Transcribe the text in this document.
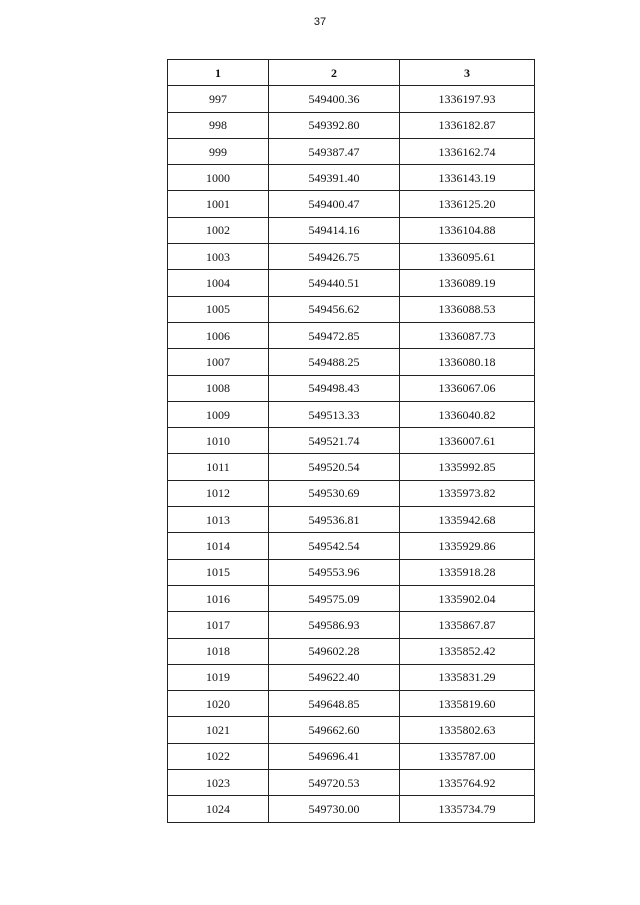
37
1	2	3
997	549400.36	1336197.93
998	549392.80	1336182.87
999	549387.47	1336162.74
1000	549391.40	1336143.19
1001	549400.47	1336125.20
1002	549414.16	1336104.88
1003	549426.75	1336095.61
1004	549440.51	1336089.19
1005	549456.62	1336088.53
1006	549472.85	1336087.73
1007	549488.25	1336080.18
1008	549498.43	1336067.06
1009	549513.33	1336040.82
1010	549521.74	1336007.61
1011	549520.54	1335992.85
1012	549530.69	1335973.82
1013	549536.81	1335942.68
1014	549542.54	1335929.86
1015	549553.96	1335918.28
1016	549575.09	1335902.04
1017	549586.93	1335867.87
1018	549602.28	1335852.42
1019	549622.40	1335831.29
1020	549648.85	1335819.60
1021	549662.60	1335802.63
1022	549696.41	1335787.00
1023	549720.53	1335764.92
1024	549730.00	1335734.79
